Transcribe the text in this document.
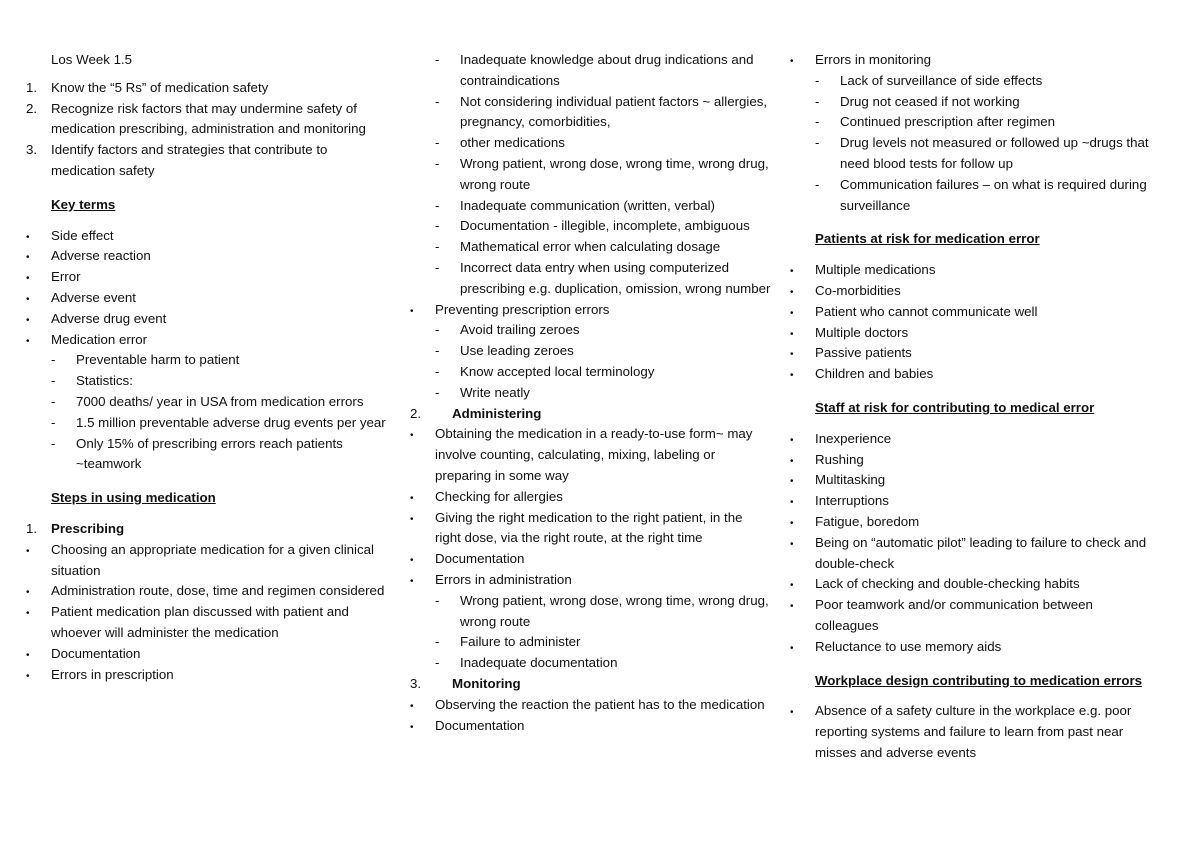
Los Week 1.5
1. Know the “5 Rs” of medication safety
2. Recognize risk factors that may undermine safety of medication prescribing, administration and monitoring
3. Identify factors and strategies that contribute to medication safety
Key terms
• Side effect
• Adverse reaction
• Error
• Adverse event
• Adverse drug event
• Medication error
- Preventable harm to patient
- Statistics:
- 7000 deaths/ year in USA from medication errors
- 1.5 million preventable adverse drug events per year
- Only 15% of prescribing errors reach patients ~teamwork
Steps in using medication
1. Prescribing
• Choosing an appropriate medication for a given clinical situation
• Administration route, dose, time and regimen considered
• Patient medication plan discussed with patient and whoever will administer the medication
• Documentation
• Errors in prescription
- Inadequate knowledge about drug indications and contraindications
- Not considering individual patient factors ~ allergies, pregnancy, comorbidities,
- other medications
- Wrong patient, wrong dose, wrong time, wrong drug, wrong route
- Inadequate communication (written, verbal)
- Documentation - illegible, incomplete, ambiguous
- Mathematical error when calculating dosage
- Incorrect data entry when using computerized prescribing e.g. duplication, omission, wrong number
• Preventing prescription errors
- Avoid trailing zeroes
- Use leading zeroes
- Know accepted local terminology
- Write neatly
2.	Administering
• Obtaining the medication in a ready-to-use form~ may involve counting, calculating, mixing, labeling or preparing in some way
• Checking for allergies
• Giving the right medication to the right patient, in the right dose, via the right route, at the right time
• Documentation
• Errors in administration
- Wrong patient, wrong dose, wrong time, wrong drug, wrong route
- Failure to administer
- Inadequate documentation
3.	Monitoring
• Observing the reaction the patient has to the medication
• Documentation
• Errors in monitoring
- Lack of surveillance of side effects
- Drug not ceased if not working
- Continued prescription after regimen
- Drug levels not measured or followed up ~drugs that need blood tests for follow up
- Communication failures – on what is required during surveillance
Patients at risk for medication error
• Multiple medications
• Co-morbidities
• Patient who cannot communicate well
• Multiple doctors
• Passive patients
• Children and babies
Staff at risk for contributing to medical error
• Inexperience
• Rushing
• Multitasking
• Interruptions
• Fatigue, boredom
• Being on “automatic pilot” leading to failure to check and double-check
• Lack of checking and double-checking habits
• Poor teamwork and/or communication between colleagues
• Reluctance to use memory aids
Workplace design contributing to medication errors
• Absence of a safety culture in the workplace e.g. poor reporting systems and failure to learn from past near misses and adverse events
